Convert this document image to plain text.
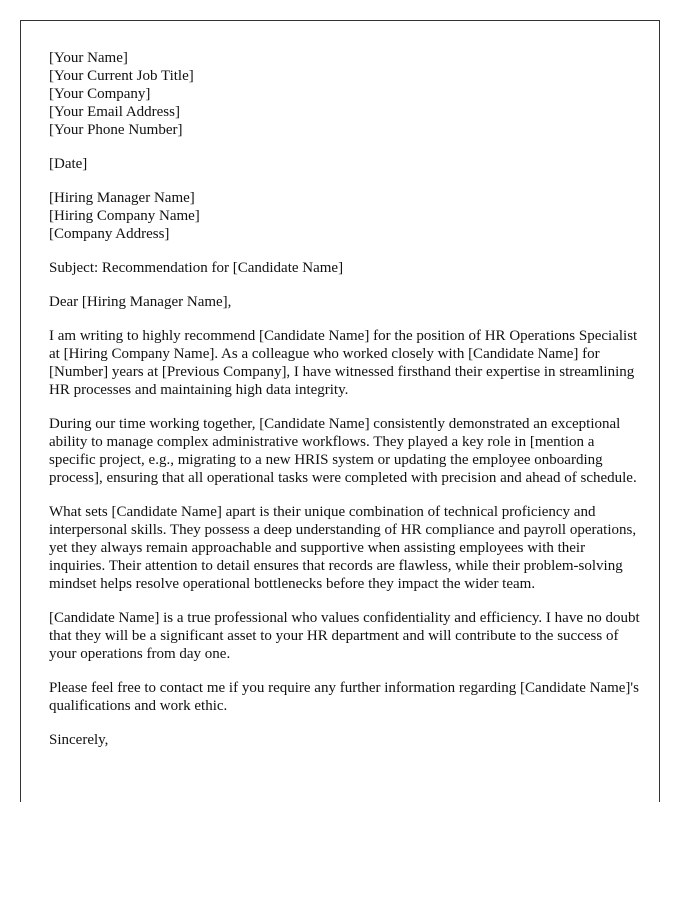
[Your Name]
[Your Current Job Title]
[Your Company]
[Your Email Address]
[Your Phone Number]
[Date]
[Hiring Manager Name]
[Hiring Company Name]
[Company Address]

Subject: Recommendation for [Candidate Name]

Dear [Hiring Manager Name],

I am writing to highly recommend [Candidate Name] for the position of HR Operations Specialist at [Hiring Company Name]. As a colleague who worked closely with [Candidate Name] for [Number] years at [Previous Company], I have witnessed firsthand their expertise in streamlining HR processes and maintaining high data integrity.

During our time working together, [Candidate Name] consistently demonstrated an exceptional ability to manage complex administrative workflows. They played a key role in [mention a specific project, e.g., migrating to a new HRIS system or updating the employee onboarding process], ensuring that all operational tasks were completed with precision and ahead of schedule.

What sets [Candidate Name] apart is their unique combination of technical proficiency and interpersonal skills. They possess a deep understanding of HR compliance and payroll operations, yet they always remain approachable and supportive when assisting employees with their inquiries. Their attention to detail ensures that records are flawless, while their problem-solving mindset helps resolve operational bottlenecks before they impact the wider team.

[Candidate Name] is a true professional who values confidentiality and efficiency. I have no doubt that they will be a significant asset to your HR department and will contribute to the success of your operations from day one.

Please feel free to contact me if you require any further information regarding [Candidate Name]'s qualifications and work ethic.

Sincerely,
